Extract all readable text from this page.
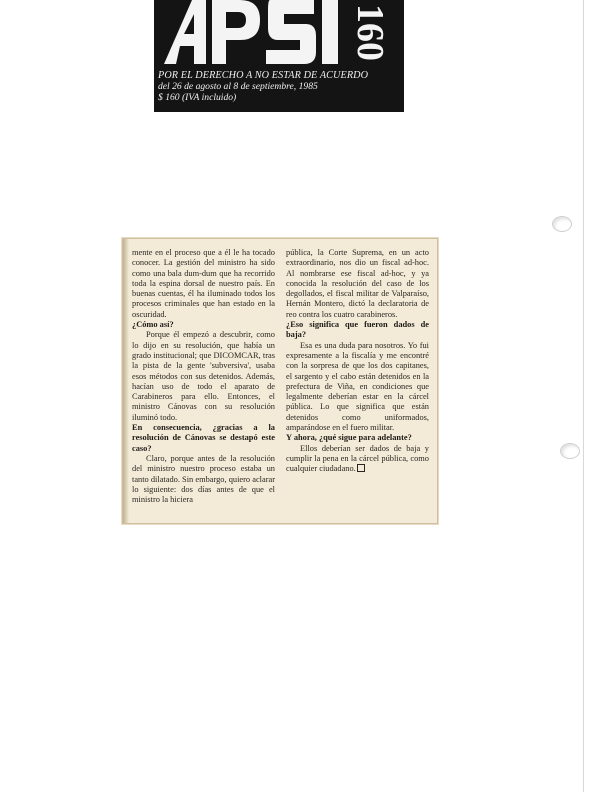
160
POR EL DERECHO A NO ESTAR DE ACUERDO
del 26 de agosto al 8 de septiembre, 1985
$ 160 (IVA incluido)

mente en el proceso que a él le ha tocado conocer. La gestión del ministro ha sido como una bala dum-dum que ha recorrido toda la espina dorsal de nuestro país. En buenas cuentas, él ha iluminado todos los procesos criminales que han estado en la oscuridad.

¿Cómo así?

Porque él empezó a descubrir, como lo dijo en su resolución, que había un grado institucional; que DICOMCAR, tras la pista de la gente 'subversiva', usaba esos métodos con sus detenidos. Además, hacían uso de todo el aparato de Carabineros para ello. Entonces, el ministro Cánovas con su resolución iluminó todo.

En consecuencia, ¿gracias a la resolución de Cánovas se destapó este caso?

Claro, porque antes de la resolución del ministro nuestro proceso estaba un tanto dilatado. Sin embargo, quiero aclarar lo siguiente: dos días antes de que el ministro la hiciera

pública, la Corte Suprema, en un acto extraordinario, nos dio un fiscal ad-hoc. Al nombrarse ese fiscal ad-hoc, y ya conocida la resolución del caso de los degollados, el fiscal militar de Valparaíso, Hernán Montero, dictó la declaratoria de reo contra los cuatro carabineros.

¿Eso significa que fueron dados de baja?

Esa es una duda para nosotros. Yo fui expresamente a la fiscalía y me encontré con la sorpresa de que los dos capitanes, el sargento y el cabo están detenidos en la prefectura de Viña, en condiciones que legalmente deberían estar en la cárcel pública. Lo que significa que están detenidos como uniformados, amparándose en el fuero militar.

Y ahora, ¿qué sigue para adelante?

Ellos deberían ser dados de baja y cumplir la pena en la cárcel pública, como cualquier ciudadano.
